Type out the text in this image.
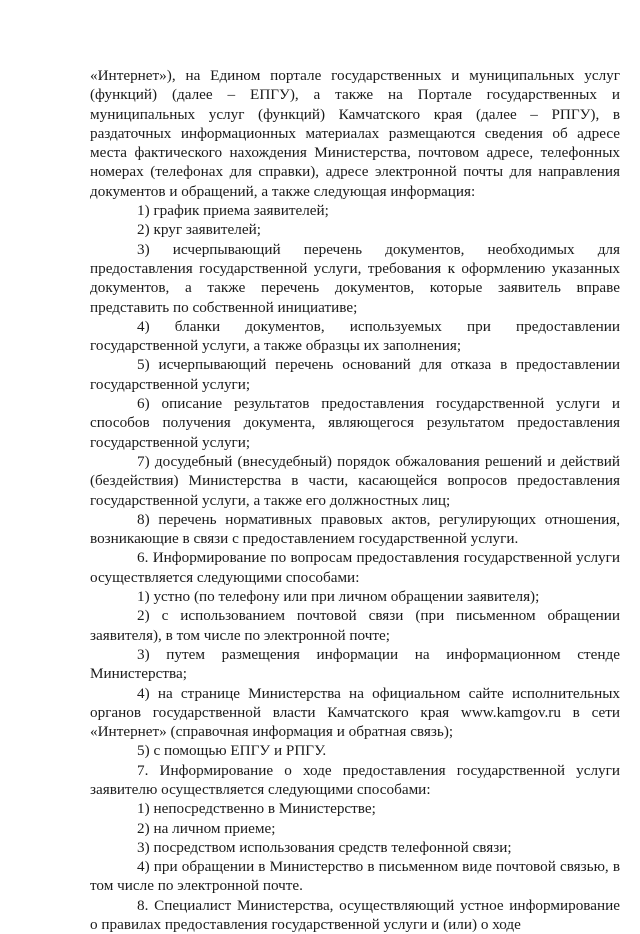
«Интернет»), на Едином портале государственных и муниципальных услуг (функций) (далее – ЕПГУ), а также на Портале государственных и муниципальных услуг (функций) Камчатского края (далее – РПГУ), в раздаточных информационных материалах размещаются сведения об адресе места фактического нахождения Министерства, почтовом адресе, телефонных номерах (телефонах для справки), адресе электронной почты для направления документов и обращений, а также следующая информация:

1) график приема заявителей;

2) круг заявителей;

3) исчерпывающий перечень документов, необходимых для предоставления государственной услуги, требования к оформлению указанных документов, а также перечень документов, которые заявитель вправе представить по собственной инициативе;

4) бланки документов, используемых при предоставлении государственной услуги, а также образцы их заполнения;

5) исчерпывающий перечень оснований для отказа в предоставлении государственной услуги;

6) описание результатов предоставления государственной услуги и способов получения документа, являющегося результатом предоставления государственной услуги;

7) досудебный (внесудебный) порядок обжалования решений и действий (бездействия) Министерства в части, касающейся вопросов предоставления государственной услуги, а также его должностных лиц;

8) перечень нормативных правовых актов, регулирующих отношения, возникающие в связи с предоставлением государственной услуги.

6. Информирование по вопросам предоставления государственной услуги осуществляется следующими способами:

1) устно (по телефону или при личном обращении заявителя);

2) с использованием почтовой связи (при письменном обращении заявителя), в том числе по электронной почте;

3) путем размещения информации на информационном стенде Министерства;

4) на странице Министерства на официальном сайте исполнительных органов государственной власти Камчатского края www.kamgov.ru в сети «Интернет» (справочная информация и обратная связь);

5) с помощью ЕПГУ и РПГУ.

7. Информирование о ходе предоставления государственной услуги заявителю осуществляется следующими способами:

1) непосредственно в Министерстве;

2) на личном приеме;

3) посредством использования средств телефонной связи;

4) при обращении в Министерство в письменном виде почтовой связью, в том числе по электронной почте.

8. Специалист Министерства, осуществляющий устное информирование о правилах предоставления государственной услуги и (или) о ходе
